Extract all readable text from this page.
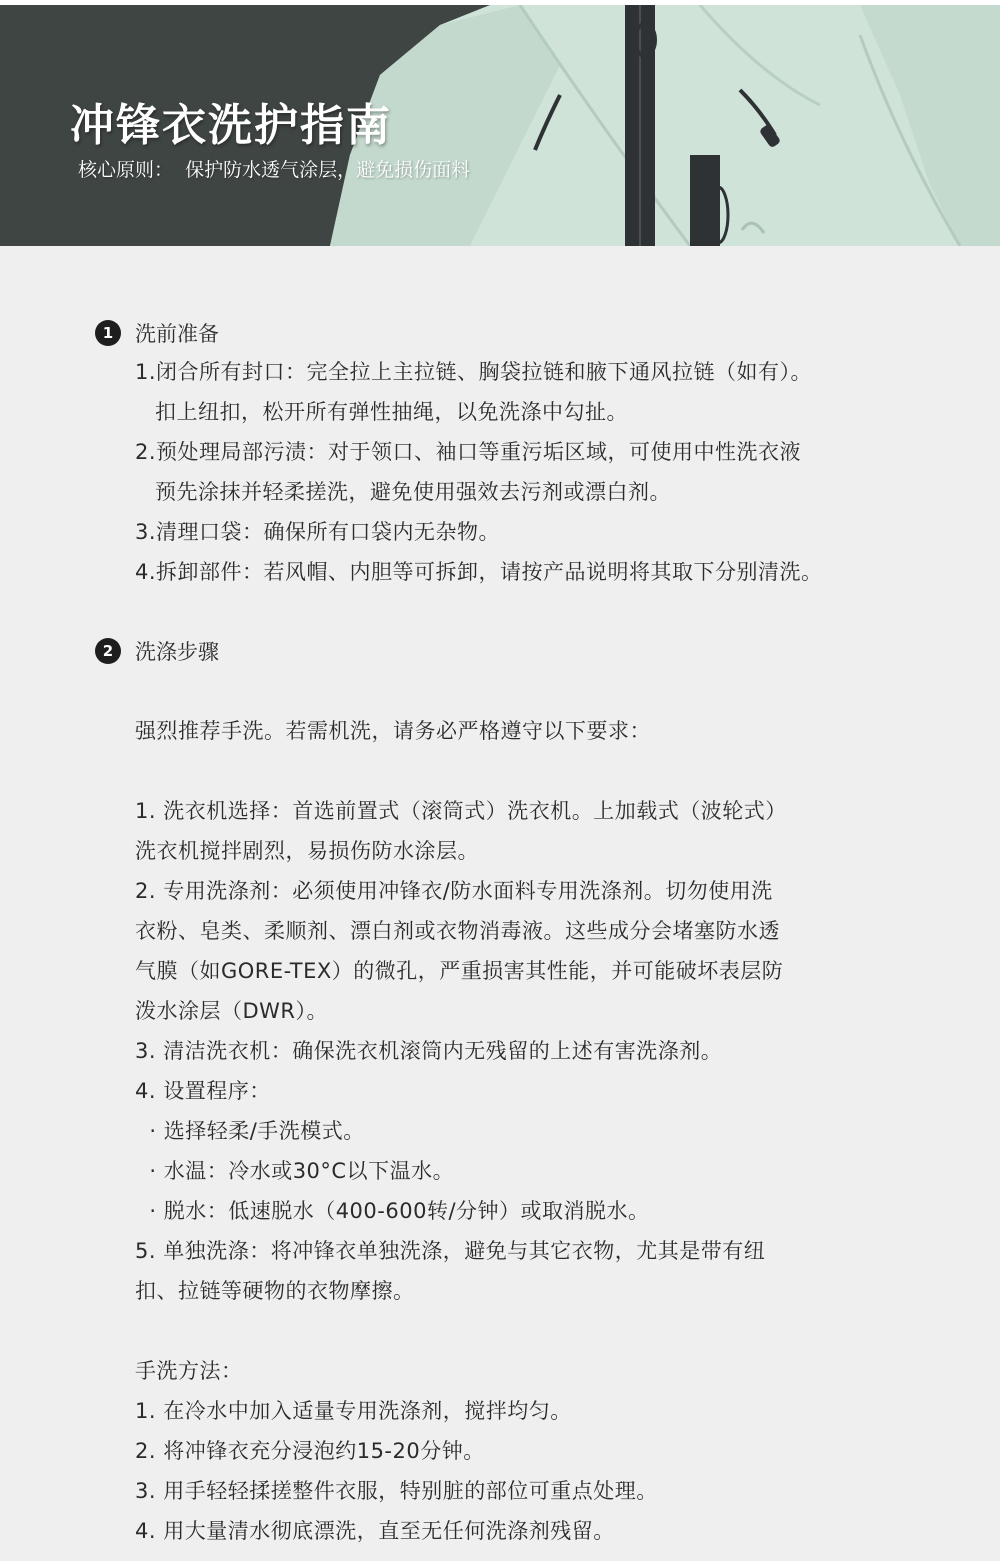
冲锋衣洗护指南
核心原则：  保护防水透气涂层，避免损伤面料
1	洗前准备
1.闭合所有封口：完全拉上主拉链、胸袋拉链和腋下通风拉链（如有）。
扣上纽扣，松开所有弹性抽绳，以免洗涤中勾扯。
2.预处理局部污渍：对于领口、袖口等重污垢区域，可使用中性洗衣液
预先涂抹并轻柔搓洗，避免使用强效去污剂或漂白剂。
3.清理口袋：确保所有口袋内无杂物。
4.拆卸部件：若风帽、内胆等可拆卸，请按产品说明将其取下分别清洗。
2	洗涤步骤
强烈推荐手洗。若需机洗，请务必严格遵守以下要求：
1. 洗衣机选择：首选前置式（滚筒式）洗衣机。上加载式（波轮式）
洗衣机搅拌剧烈，易损伤防水涂层。
2. 专用洗涤剂：必须使用冲锋衣/防水面料专用洗涤剂。切勿使用洗
衣粉、皂类、柔顺剂、漂白剂或衣物消毒液。这些成分会堵塞防水透
气膜（如GORE-TEX）的微孔，严重损害其性能，并可能破坏表层防
泼水涂层（DWR）。
3. 清洁洗衣机：确保洗衣机滚筒内无残留的上述有害洗涤剂。
4. 设置程序：
· 选择轻柔/手洗模式。
· 水温：冷水或30°C以下温水。
· 脱水：低速脱水（400-600转/分钟）或取消脱水。
5. 单独洗涤：将冲锋衣单独洗涤，避免与其它衣物，尤其是带有纽
扣、拉链等硬物的衣物摩擦。
手洗方法：
1. 在冷水中加入适量专用洗涤剂，搅拌均匀。
2. 将冲锋衣充分浸泡约15-20分钟。
3. 用手轻轻揉搓整件衣服，特别脏的部位可重点处理。
4. 用大量清水彻底漂洗，直至无任何洗涤剂残留。
